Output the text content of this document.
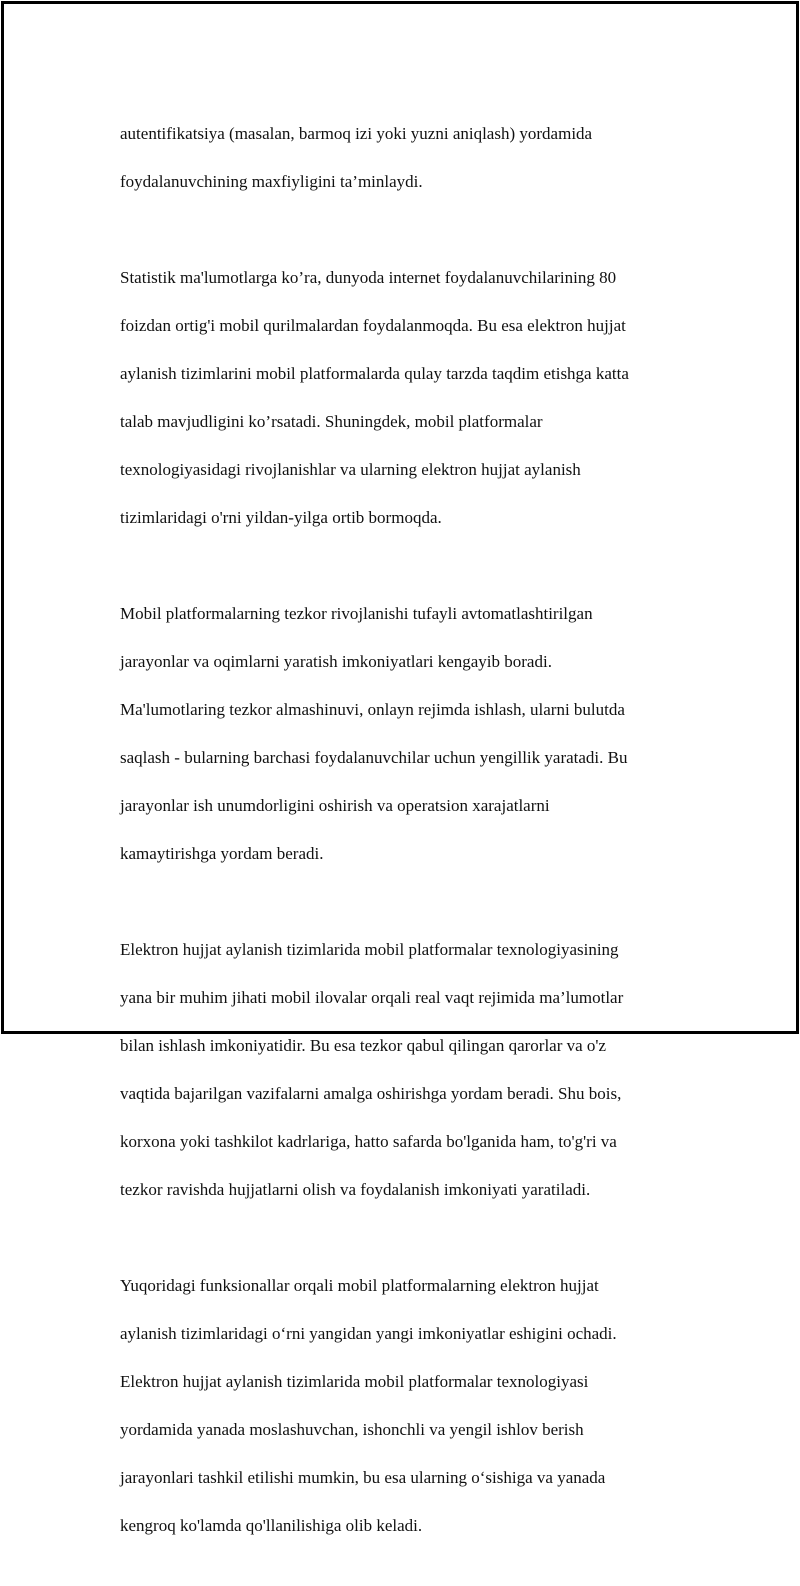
autentifikatsiya (masalan, barmoq izi yoki yuzni aniqlash) yordamida

foydalanuvchining maxfiyligini ta’minlaydi.

Statistik ma'lumotlarga ko’ra, dunyoda internet foydalanuvchilarining 80

foizdan ortig'i mobil qurilmalardan foydalanmoqda. Bu esa elektron hujjat

aylanish tizimlarini mobil platformalarda qulay tarzda taqdim etishga katta

talab mavjudligini ko’rsatadi. Shuningdek, mobil platformalar

texnologiyasidagi rivojlanishlar va ularning elektron hujjat aylanish

tizimlaridagi o'rni yildan-yilga ortib bormoqda.

Mobil platformalarning tezkor rivojlanishi tufayli avtomatlashtirilgan

jarayonlar va oqimlarni yaratish imkoniyatlari kengayib boradi.

Ma'lumotlaring tezkor almashinuvi, onlayn rejimda ishlash, ularni bulutda

saqlash - bularning barchasi foydalanuvchilar uchun yengillik yaratadi. Bu

jarayonlar ish unumdorligini oshirish va operatsion xarajatlarni

kamaytirishga yordam beradi.

Elektron hujjat aylanish tizimlarida mobil platformalar texnologiyasining

yana bir muhim jihati mobil ilovalar orqali real vaqt rejimida ma’lumotlar

bilan ishlash imkoniyatidir. Bu esa tezkor qabul qilingan qarorlar va o'z

vaqtida bajarilgan vazifalarni amalga oshirishga yordam beradi. Shu bois,

korxona yoki tashkilot kadrlariga, hatto safarda bo'lganida ham, to'g'ri va

tezkor ravishda hujjatlarni olish va foydalanish imkoniyati yaratiladi.

Yuqoridagi funksionallar orqali mobil platformalarning elektron hujjat

aylanish tizimlaridagi o‘rni yangidan yangi imkoniyatlar eshigini ochadi.

Elektron hujjat aylanish tizimlarida mobil platformalar texnologiyasi

yordamida yanada moslashuvchan, ishonchli va yengil ishlov berish

jarayonlari tashkil etilishi mumkin, bu esa ularning o‘sishiga va yanada

kengroq ko'lamda qo'llanilishiga olib keladi.
